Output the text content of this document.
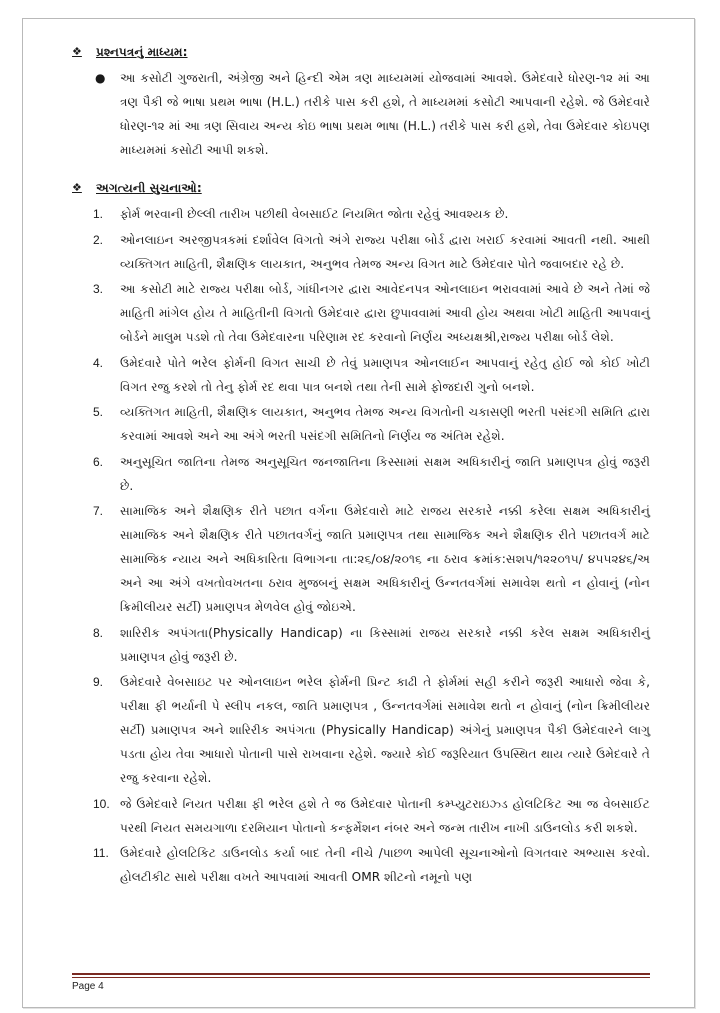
❖	પ્રશ્નપત્રનું માધ્યમ:
● આ કસોટી ગુજરાતી, અંગ્રેજી અને હિન્દી એમ ત્રણ માધ્યમમાં યોજવામાં આવશે. ઉમેદવારે ધોરણ-૧૨ માં આ ત્રણ પૈકી જે ભાષા પ્રથમ ભાષા (H.L.) તરીકે પાસ કરી હશે, તે માધ્યમમાં કસોટી આપવાની રહેશે. જે ઉમેદવારે ધોરણ-૧૨ માં આ ત્રણ સિવાય અન્ય કોઇ ભાષા પ્રથમ ભાષા (H.L.) તરીકે પાસ કરી હશે, તેવા ઉમેદવાર કોઇપણ માધ્યમમાં કસોટી આપી શકશે.
❖	અગત્યની સુચનાઓ:
1. ફોર્મ ભરવાની છેલ્લી તારીખ પછીથી વેબસાઈટ નિયમિત જોતા રહેવું આવશ્યક છે.
2. ઓનલાઇન અરજીપત્રકમાં દર્શાવેલ વિગતો અંગે રાજ્ય પરીક્ષા બોર્ડ દ્વારા ખરાઈ કરવામાં આવતી નથી. આથી વ્યક્તિગત માહિતી, શૈક્ષણિક લાયકાત, અનુભવ તેમજ અન્ય વિગત માટે ઉમેદવાર પોતે જવાબદાર રહે છે.
3. આ કસોટી માટે રાજ્ય પરીક્ષા બોર્ડ, ગાંધીનગર દ્વારા આવેદનપત્ર ઓનલાઇન ભરાવવામાં આવે છે અને તેમાં જે માહિતી માંગેલ હોય તે માહિતીની વિગતો ઉમેદવાર દ્વારા છુપાવવામાં આવી હોય અથવા ખોટી માહિતી આપવાનું બોર્ડને માલુમ પડશે તો તેવા ઉમેદવારના પરિણામ રદ કરવાનો નિર્ણય અધ્યક્ષશ્રી,રાજ્ય પરીક્ષા બોર્ડ લેશે.
4. ઉમેદવારે પોતે ભરેલ ફોર્મની વિગત સાચી છે તેવું પ્રમાણપત્ર ઓનલાઈન આપવાનું રહેતુ હોઈ જો કોઈ ખોટી વિગત રજુ કરશે તો તેનુ ફોર્મ રદ થવા પાત્ર બનશે તથા તેની સામે ફોજદારી ગુનો બનશે.
5. વ્યક્તિગત માહિતી, શૈક્ષણિક લાયકાત, અનુભવ તેમજ અન્ય વિગતોની ચકાસણી ભરતી પસંદગી સમિતિ દ્વારા કરવામાં આવશે અને આ અંગે ભરતી પસંદગી સમિતિનો નિર્ણય જ અંતિમ રહેશે.
6. અનુસૂચિત જાતિના તેમજ અનુસૂચિત જનજાતિના કિસ્સામાં સક્ષમ અધિકારીનું જાતિ પ્રમાણપત્ર હોવું જરૂરી છે.
7. સામાજિક અને શૈક્ષણિક રીતે પછાત વર્ગના ઉમેદવારો માટે રાજય સરકારે નક્કી કરેલા સક્ષમ અધિકારીનું સામાજિક અને શૈક્ષણિક રીતે પછાતવર્ગનું જાતિ પ્રમાણપત્ર તથા સામાજિક અને શૈક્ષણિક રીતે પછાતવર્ગ માટે સામાજિક ન્યાય અને અધિકારિતા વિભાગના તા:૨૬/૦૪/૨૦૧૬ ના ઠરાવ ક્રમાંક:સશપ/૧૨૨૦૧૫/ ૪૫૫૨૪૬/અ અને આ અંગે વખતોવખતના ઠરાવ મુજબનું સક્ષમ અધિકારીનું ઉન્નતવર્ગમાં સમાવેશ થતો ન હોવાનું (નોન ક્રિમીલીયર સર્ટી) પ્રમાણપત્ર મેળવેલ હોવું જોઇએ.
8. શારિરીક અપંગતા(Physically Handicap) ના કિસ્સામાં રાજય સરકારે નક્કી કરેલ સક્ષમ અધિકારીનું પ્રમાણપત્ર હોવું જરૂરી છે.
9. ઉમેદવારે વેબસાઇટ પર ઓનલાઇન ભરેલ ફોર્મની પ્રિન્ટ કાઢી તે ફોર્મમાં સહી કરીને જરૂરી આધારો જેવા કે, પરીક્ષા ફી ભર્યાની પે સ્લીપ નકલ, જાતિ પ્રમાણપત્ર , ઉન્નતવર્ગમાં સમાવેશ થતો ન હોવાનું (નોન ક્રિમીલીયર સર્ટી) પ્રમાણપત્ર અને શારિરીક અપંગતા (Physically Handicap) અંગેનું પ્રમાણપત્ર પૈકી ઉમેદવારને લાગુ પડતા હોય તેવા આધારો પોતાની પાસે રાખવાના રહેશે. જ્યારે કોઈ જરૂરિયાત ઉપસ્થિત થાય ત્યારે ઉમેદવારે તે રજુ કરવાના રહેશે.
10. જે ઉમેદવારે નિયત પરીક્ષા ફી ભરેલ હશે તે જ ઉમેદવાર પોતાની કમ્પ્યુટરાઇઝ્ડ હોલટિકિટ આ જ વેબસાઈટ પરથી નિયત સમયગાળા દરમિયાન પોતાનો કન્ફર્મેશન નંબર અને જન્મ તારીખ નાખી ડાઉનલોડ કરી શકશે.
11. ઉમેદવારે હોલટિકિટ ડાઉનલોડ કર્યા બાદ તેની નીચે /પાછળ આપેલી સૂચનાઓનો વિગતવાર અભ્યાસ કરવો. હોલટીકીટ સાથે પરીક્ષા વખતે આપવામાં આવતી OMR શીટનો નમૂનો પણ
Page 4
